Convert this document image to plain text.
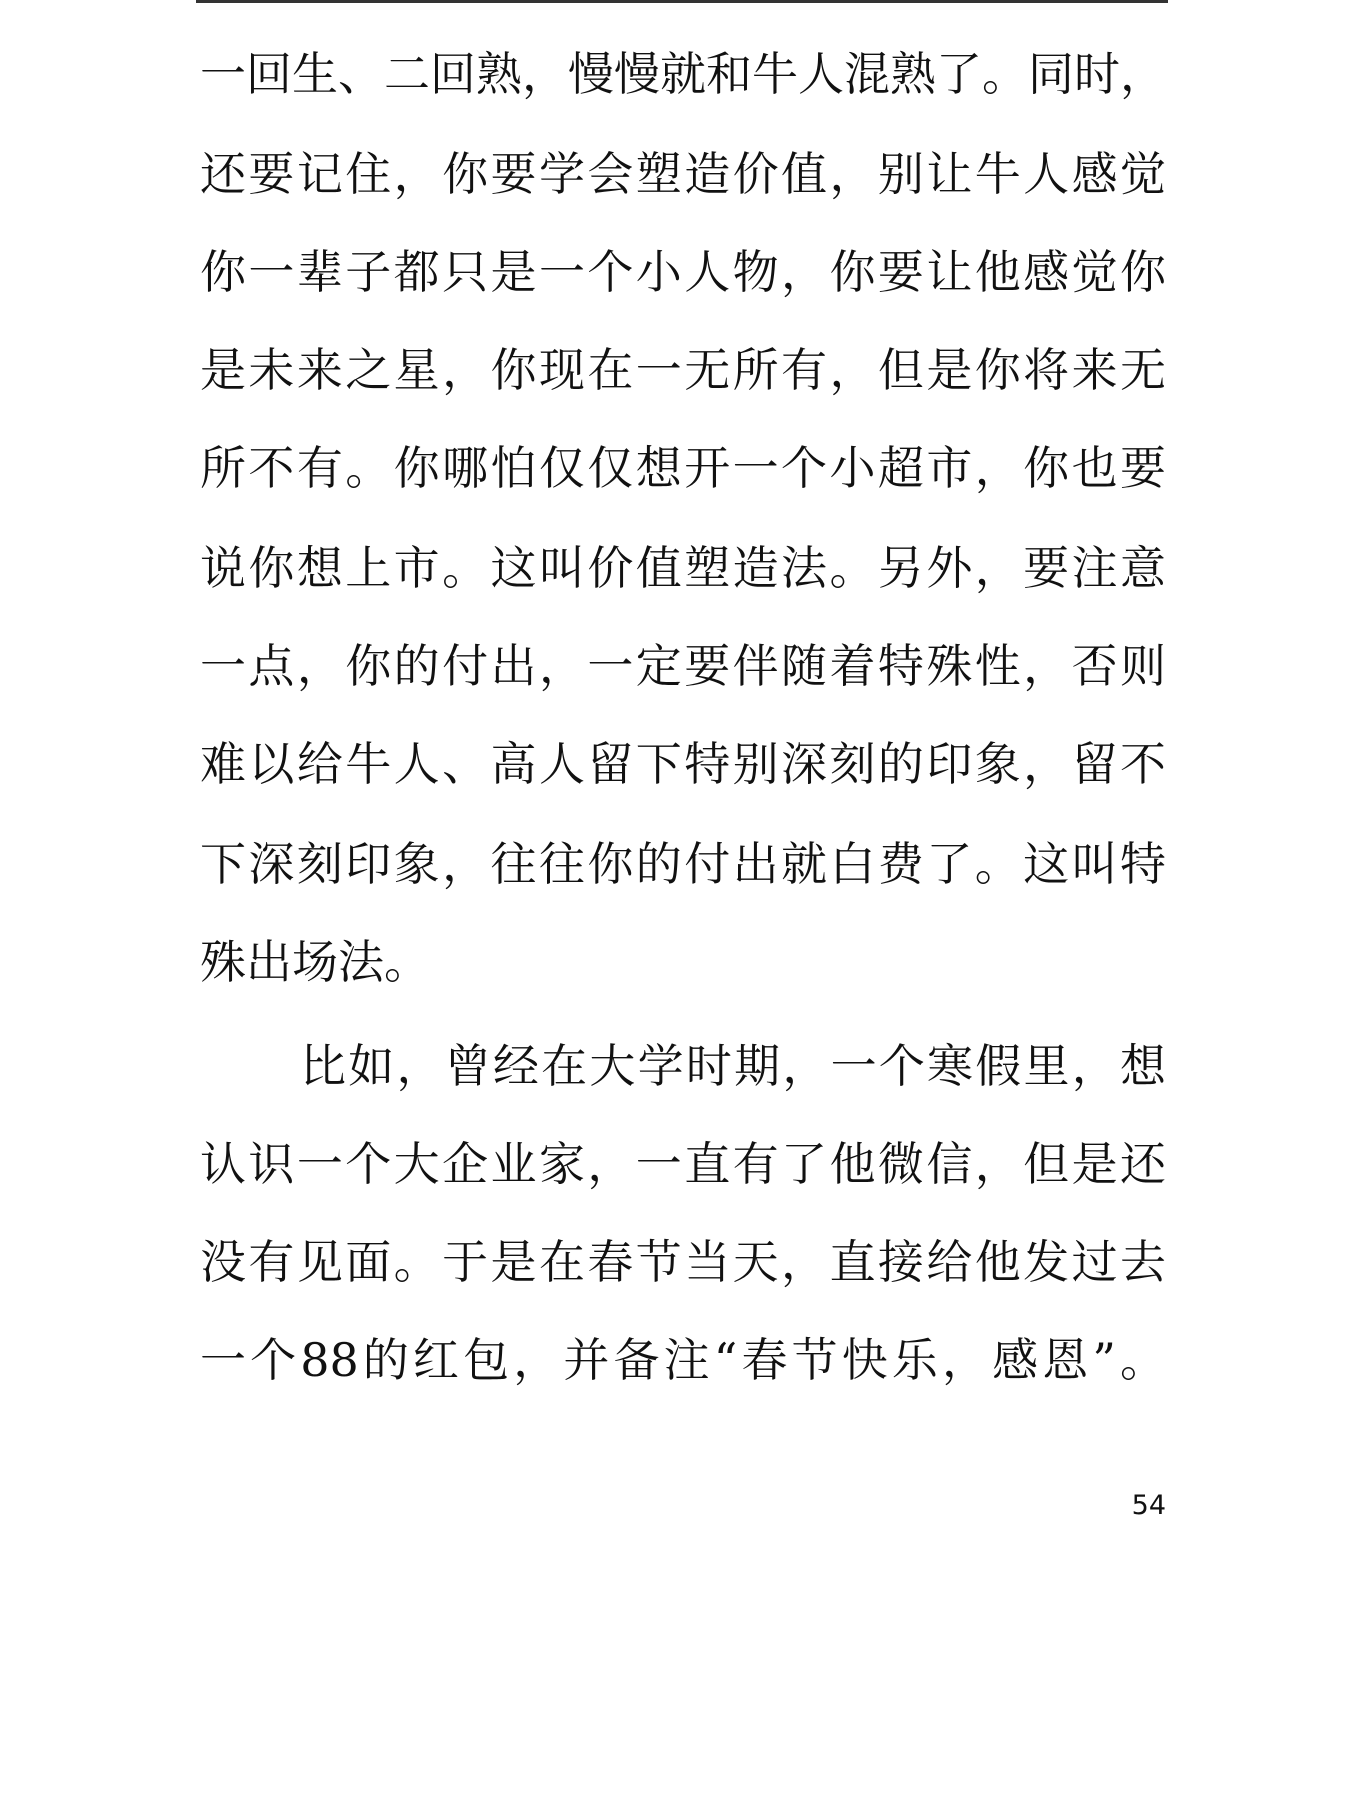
一回生、二回熟，慢慢就和牛人混熟了。同时，
还要记住，你要学会塑造价值，别让牛人感觉
你一辈子都只是一个小人物，你要让他感觉你
是未来之星，你现在一无所有，但是你将来无
所不有。你哪怕仅仅想开一个小超市，你也要
说你想上市。这叫价值塑造法。另外，要注意
一点，你的付出，一定要伴随着特殊性，否则
难以给牛人、高人留下特别深刻的印象，留不
下深刻印象，往往你的付出就白费了。这叫特
殊出场法。
比如，曾经在大学时期，一个寒假里，想
认识一个大企业家，一直有了他微信，但是还
没有见面。于是在春节当天，直接给他发过去
一个88的红包，并备注“春节快乐，感恩”。
54
